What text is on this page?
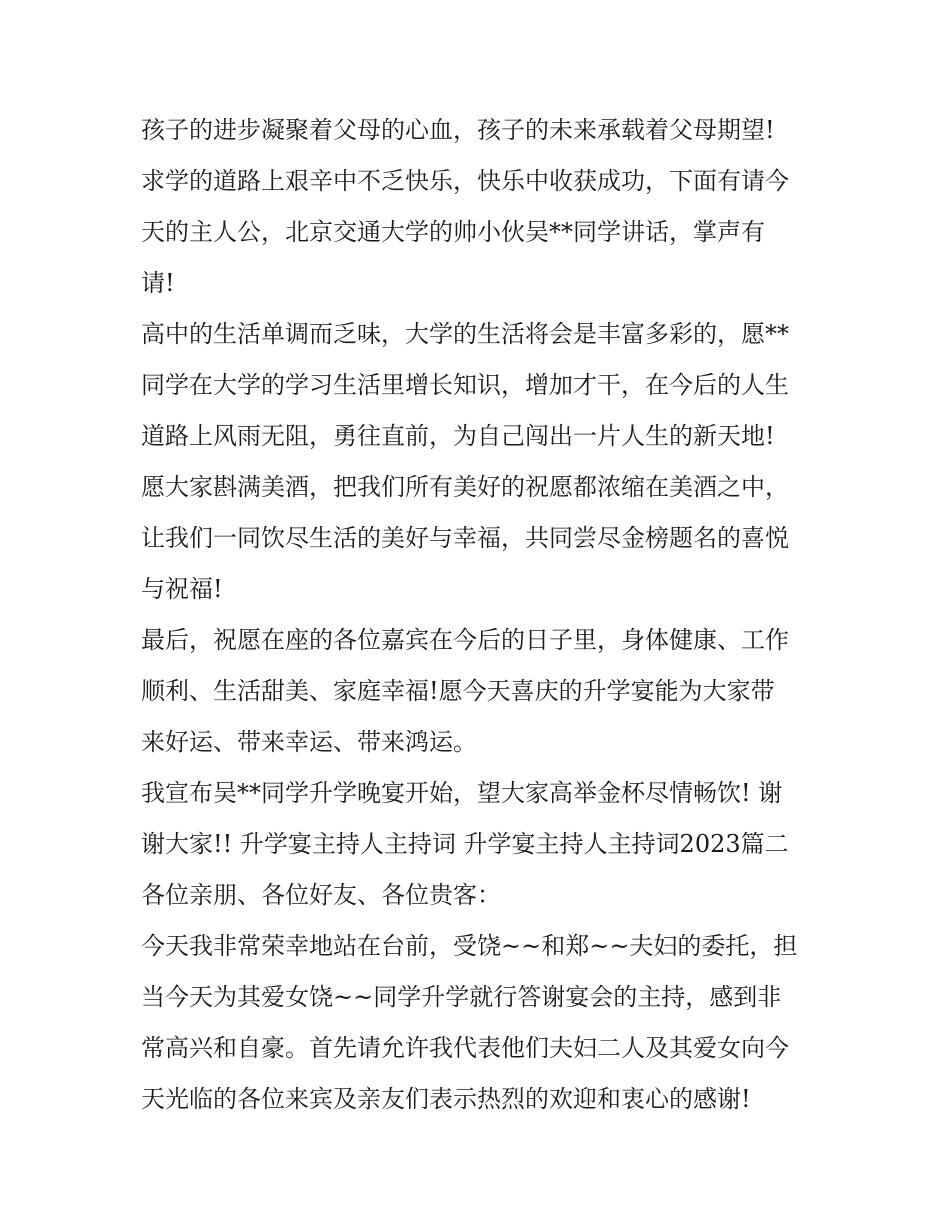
孩子的进步凝聚着父母的心血，孩子的未来承载着父母期望!
求学的道路上艰辛中不乏快乐，快乐中收获成功，下面有请今
天的主人公，北京交通大学的帅小伙吴**同学讲话，掌声有
请!
高中的生活单调而乏味，大学的生活将会是丰富多彩的，愿**
同学在大学的学习生活里增长知识，增加才干，在今后的人生
道路上风雨无阻，勇往直前，为自己闯出一片人生的新天地!
愿大家斟满美酒，把我们所有美好的祝愿都浓缩在美酒之中，
让我们一同饮尽生活的美好与幸福，共同尝尽金榜题名的喜悦
与祝福!
最后，祝愿在座的各位嘉宾在今后的日子里，身体健康、工作
顺利、生活甜美、家庭幸福!愿今天喜庆的升学宴能为大家带
来好运、带来幸运、带来鸿运。
我宣布吴**同学升学晚宴开始，望大家高举金杯尽情畅饮! 谢
谢大家!! 升学宴主持人主持词 升学宴主持人主持词2023篇二
各位亲朋、各位好友、各位贵客：
今天我非常荣幸地站在台前，受饶~~和郑~~夫妇的委托，担
当今天为其爱女饶~~同学升学就行答谢宴会的主持，感到非
常高兴和自豪。首先请允许我代表他们夫妇二人及其爱女向今
天光临的各位来宾及亲友们表示热烈的欢迎和衷心的感谢!
